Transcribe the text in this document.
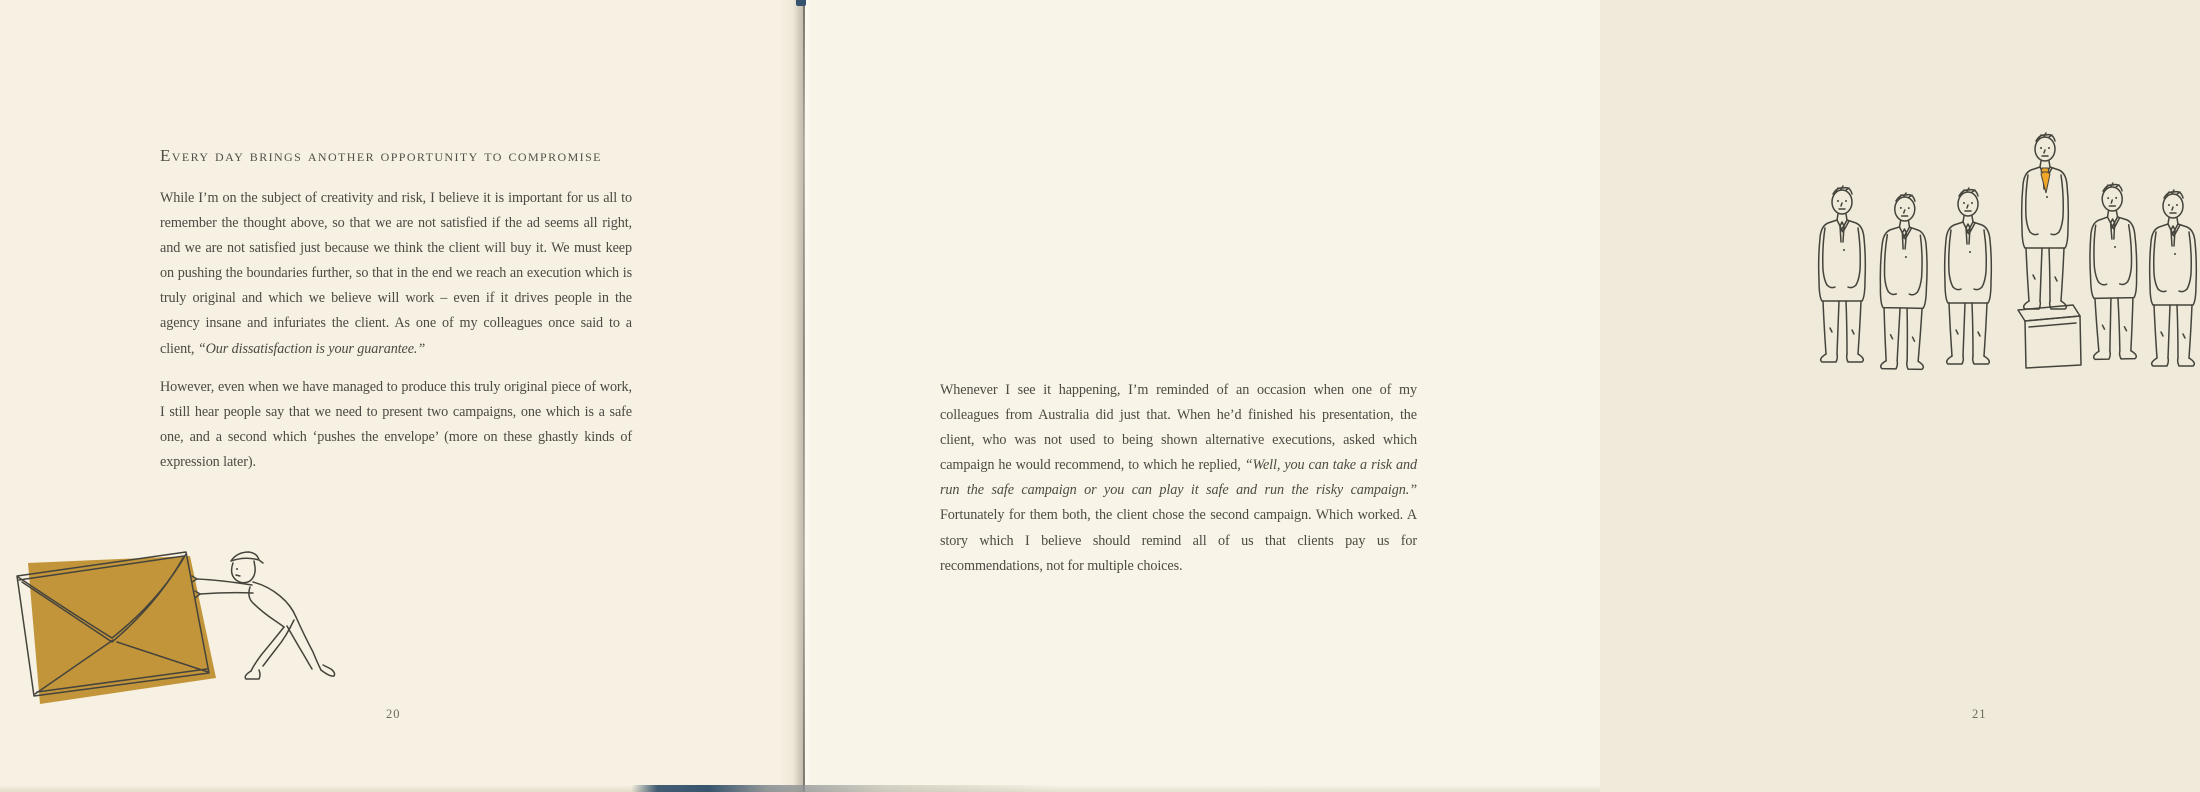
Every day brings another opportunity to compromise

While I’m on the subject of creativity and risk, I believe it is important for us all to remember the thought above, so that we are not satisfied if the ad seems all right, and we are not satisfied just because we think the client will buy it. We must keep on pushing the boundaries further, so that in the end we reach an execution which is truly original and which we believe will work – even if it drives people in the agency insane and infuriates the client. As one of my colleagues once said to a client, “Our dissatisfaction is your guarantee.”

However, even when we have managed to produce this truly original piece of work, I still hear people say that we need to present two campaigns, one which is a safe one, and a second which ‘pushes the envelope’ (more on these ghastly kinds of expression later).

20	21

Whenever I see it happening, I’m reminded of an occasion when one of my colleagues from Australia did just that. When he’d finished his presentation, the client, who was not used to being shown alternative executions, asked which campaign he would recommend, to which he replied, “Well, you can take a risk and run the safe campaign or you can play it safe and run the risky campaign.” Fortunately for them both, the client chose the second campaign. Which worked. A story which I believe should remind all of us that clients pay us for recommendations, not for multiple choices.
